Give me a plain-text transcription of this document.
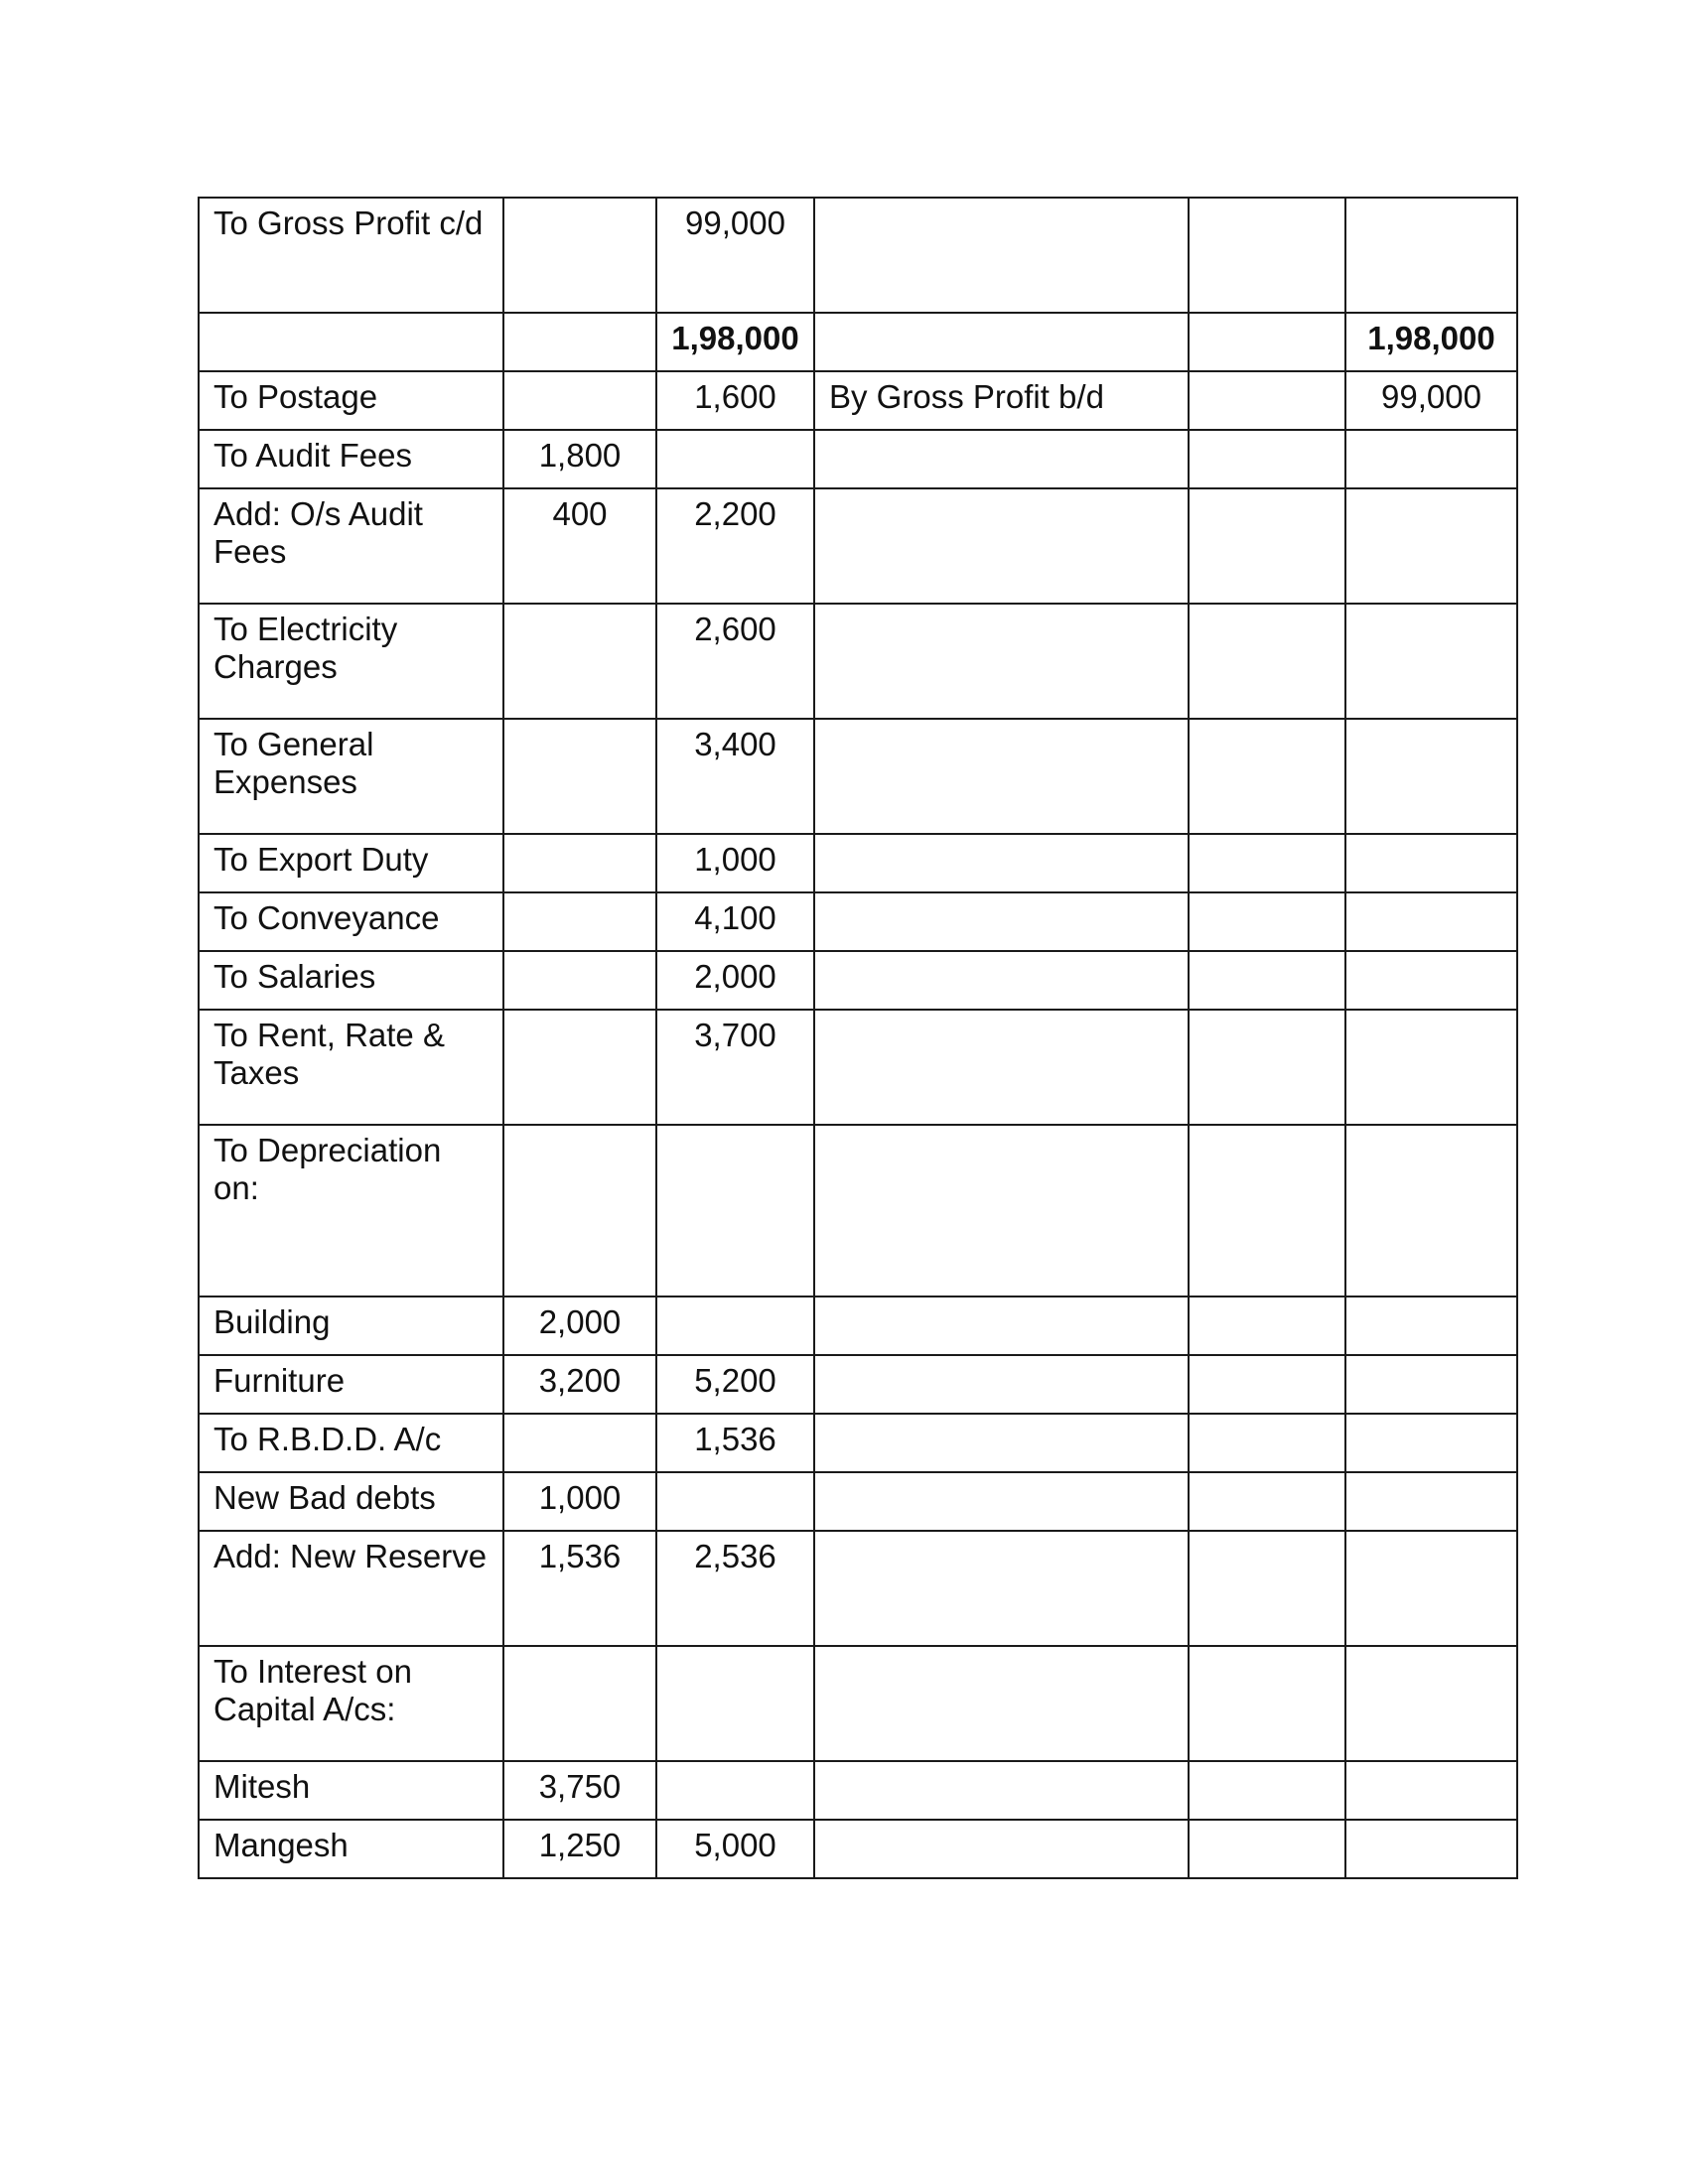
To Gross Profit c/d		99,000			
		1,98,000			1,98,000
To Postage		1,600	By Gross Profit b/d		99,000
To Audit Fees	1,800				
Add: O/s Audit Fees	400	2,200			
To Electricity Charges		2,600			
To General Expenses		3,400			
To Export Duty		1,000			
To Conveyance		4,100			
To Salaries		2,000			
To Rent, Rate & Taxes		3,700			
To Depreciation on:					
Building	2,000				
Furniture	3,200	5,200			
To R.B.D.D. A/c		1,536			
New Bad debts	1,000				
Add: New Reserve	1,536	2,536			
To Interest on Capital A/cs:					
Mitesh	3,750				
Mangesh	1,250	5,000			
